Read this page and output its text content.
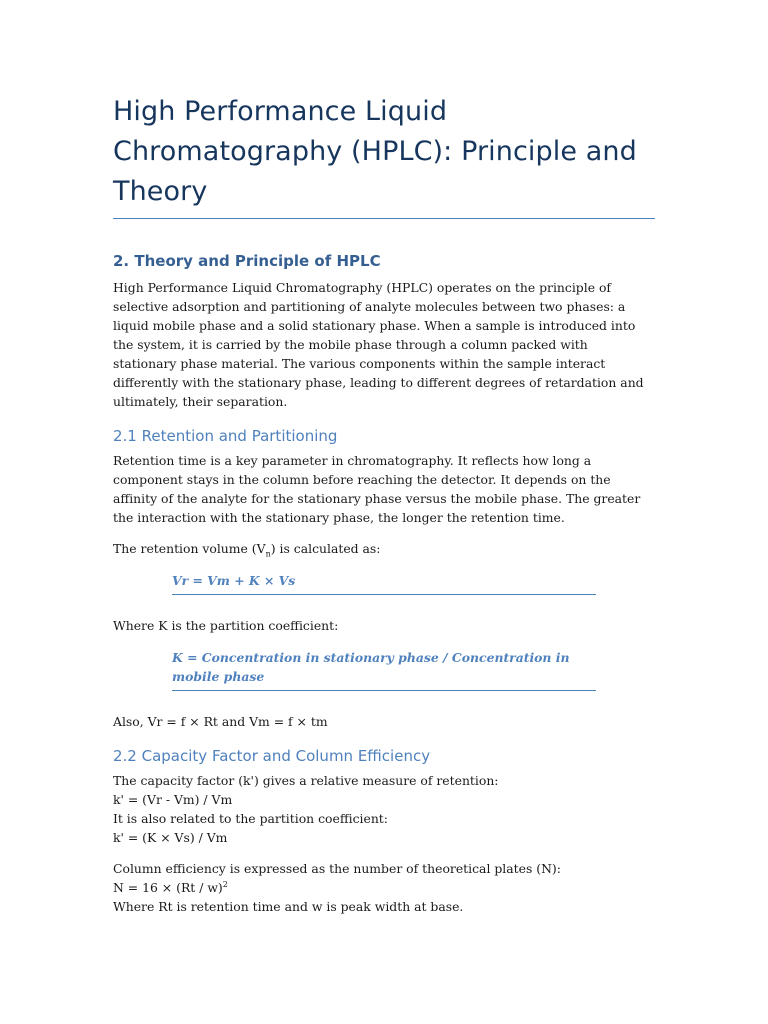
High Performance Liquid Chromatography (HPLC): Principle and Theory
2. Theory and Principle of HPLC

High Performance Liquid Chromatography (HPLC) operates on the principle of selective adsorption and partitioning of analyte molecules between two phases: a liquid mobile phase and a solid stationary phase. When a sample is introduced into the system, it is carried by the mobile phase through a column packed with stationary phase material. The various components within the sample interact differently with the stationary phase, leading to different degrees of retardation and ultimately, their separation.

2.1 Retention and Partitioning

Retention time is a key parameter in chromatography. It reflects how long a component stays in the column before reaching the detector. It depends on the affinity of the analyte for the stationary phase versus the mobile phase. The greater the interaction with the stationary phase, the longer the retention time.

The retention volume $(V_n)$ is calculated as:

Vr = Vm + K × Vs

Where K is the partition coefficient:

K = Concentration in stationary phase / Concentration in mobile phase

Also, Vr = f × Rt and Vm = f × tm

2.2 Capacity Factor and Column Efficiency

The capacity factor (k') gives a relative measure of retention:

k' = (Vr - Vm) / Vm

It is also related to the partition coefficient:

k' = (K × Vs) / Vm

Column efficiency is expressed as the number of theoretical plates (N):

N = 16 × (Rt / w)$^2$

Where Rt is retention time and w is peak width at base.
